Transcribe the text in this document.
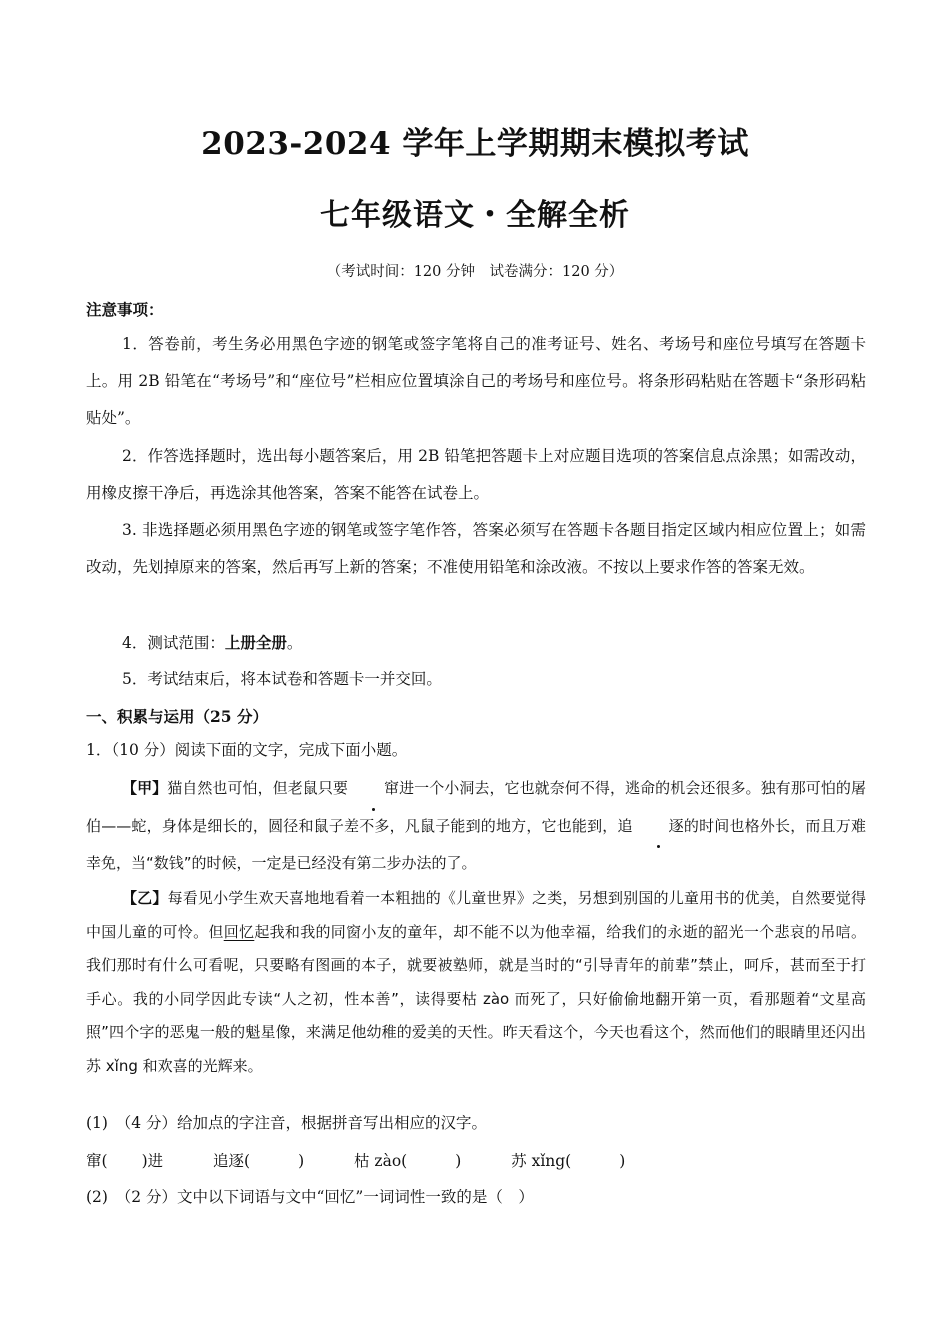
2023-2024 学年上学期期末模拟考试
七年级语文・全解全析
（考试时间：120 分钟　试卷满分：120 分）
注意事项：
1．答卷前，考生务必用黑色字迹的钢笔或签字笔将自己的准考证号、姓名、考场号和座位号填写在答题卡上。用 2B 铅笔在“考场号”和“座位号”栏相应位置填涂自己的考场号和座位号。将条形码粘贴在答题卡“条形码粘贴处”。
2．作答选择题时，选出每小题答案后，用 2B 铅笔把答题卡上对应题目选项的答案信息点涂黑；如需改动，用橡皮擦干净后，再选涂其他答案，答案不能答在试卷上。
3. 非选择题必须用黑色字迹的钢笔或签字笔作答，答案必须写在答题卡各题目指定区域内相应位置上；如需改动，先划掉原来的答案，然后再写上新的答案；不准使用铅笔和涂改液。不按以上要求作答的答案无效。
4．测试范围：上册全册。
5．考试结束后，将本试卷和答题卡一并交回。
一、积累与运用（25 分）
1．（10 分）阅读下面的文字，完成下面小题。
【甲】猫自然也可怕，但老鼠只要 窜进一个小洞去，它也就奈何不得，逃命的机会还很多。独有那可怕的屠伯——蛇，身体是细长的，圆径和鼠子差不多，凡鼠子能到的地方，它也能到，追 逐的时间也格外长，而且万难幸免，当“数钱”的时候，一定是已经没有第二步办法的了。
【乙】每看见小学生欢天喜地地看着一本粗拙的《儿童世界》之类，另想到别国的儿童用书的优美，自然要觉得中国儿童的可怜。但回忆起我和我的同窗小友的童年，却不能不以为他幸福，给我们的永逝的韶光一个悲哀的吊唁。我们那时有什么可看呢，只要略有图画的本子，就要被塾师，就是当时的“引导青年的前辈”禁止，呵斥，甚而至于打手心。我的小同学因此专读“人之初，性本善”，读得要枯 zào 而死了，只好偷偷地翻开第一页，看那题着“文星高照”四个字的恶鬼一般的魁星像，来满足他幼稚的爱美的天性。昨天看这个，今天也看这个，然而他们的眼睛里还闪出苏 xǐng 和欢喜的光辉来。
(1)　（4 分）给加点的字注音，根据拼音写出相应的汉字。
窜( )进	追逐(	)	枯 zào(	)	苏 xǐng(	)
(2)　（2 分）文中以下词语与文中“回忆”一词词性一致的是（　）
